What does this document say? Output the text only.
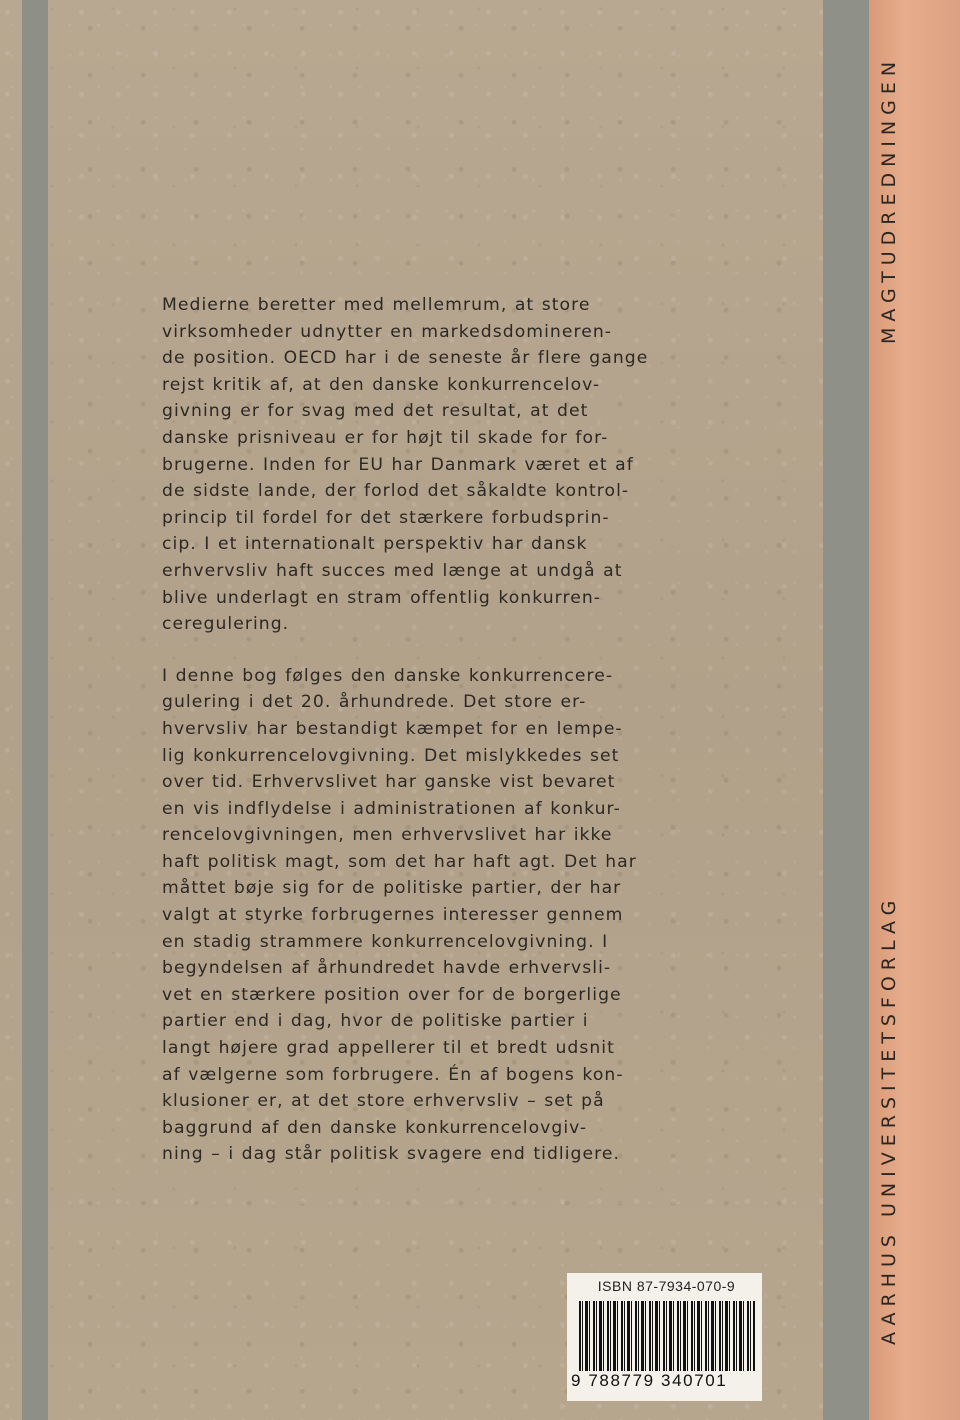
MAGTUDREDNINGEN
AARHUS UNIVERSITETSFORLAG

Medierne beretter med mellemrum, at store
virksomheder udnytter en markedsdomineren-
de position. OECD har i de seneste år flere gange
rejst kritik af, at den danske konkurrencelov-
givning er for svag med det resultat, at det
danske prisniveau er for højt til skade for for-
brugerne. Inden for EU har Danmark været et af
de sidste lande, der forlod det såkaldte kontrol-
princip til fordel for det stærkere forbudsprin-
cip. I et internationalt perspektiv har dansk
erhvervsliv haft succes med længe at undgå at
blive underlagt en stram offentlig konkurren-
ceregulering.

I denne bog følges den danske konkurrencere-
gulering i det 20. århundrede. Det store er-
hvervsliv har bestandigt kæmpet for en lempe-
lig konkurrencelovgivning. Det mislykkedes set
over tid. Erhvervslivet har ganske vist bevaret
en vis indflydelse i administrationen af konkur-
rencelovgivningen, men erhvervslivet har ikke
haft politisk magt, som det har haft agt. Det har
måttet bøje sig for de politiske partier, der har
valgt at styrke forbrugernes interesser gennem
en stadig strammere konkurrencelovgivning. I
begyndelsen af århundredet havde erhvervsli-
vet en stærkere position over for de borgerlige
partier end i dag, hvor de politiske partier i
langt højere grad appellerer til et bredt udsnit
af vælgerne som forbrugere. Én af bogens kon-
klusioner er, at det store erhvervsliv – set på
baggrund af den danske konkurrencelovgiv-
ning – i dag står politisk svagere end tidligere.

ISBN 87-7934-070-9
9 788779 340701
